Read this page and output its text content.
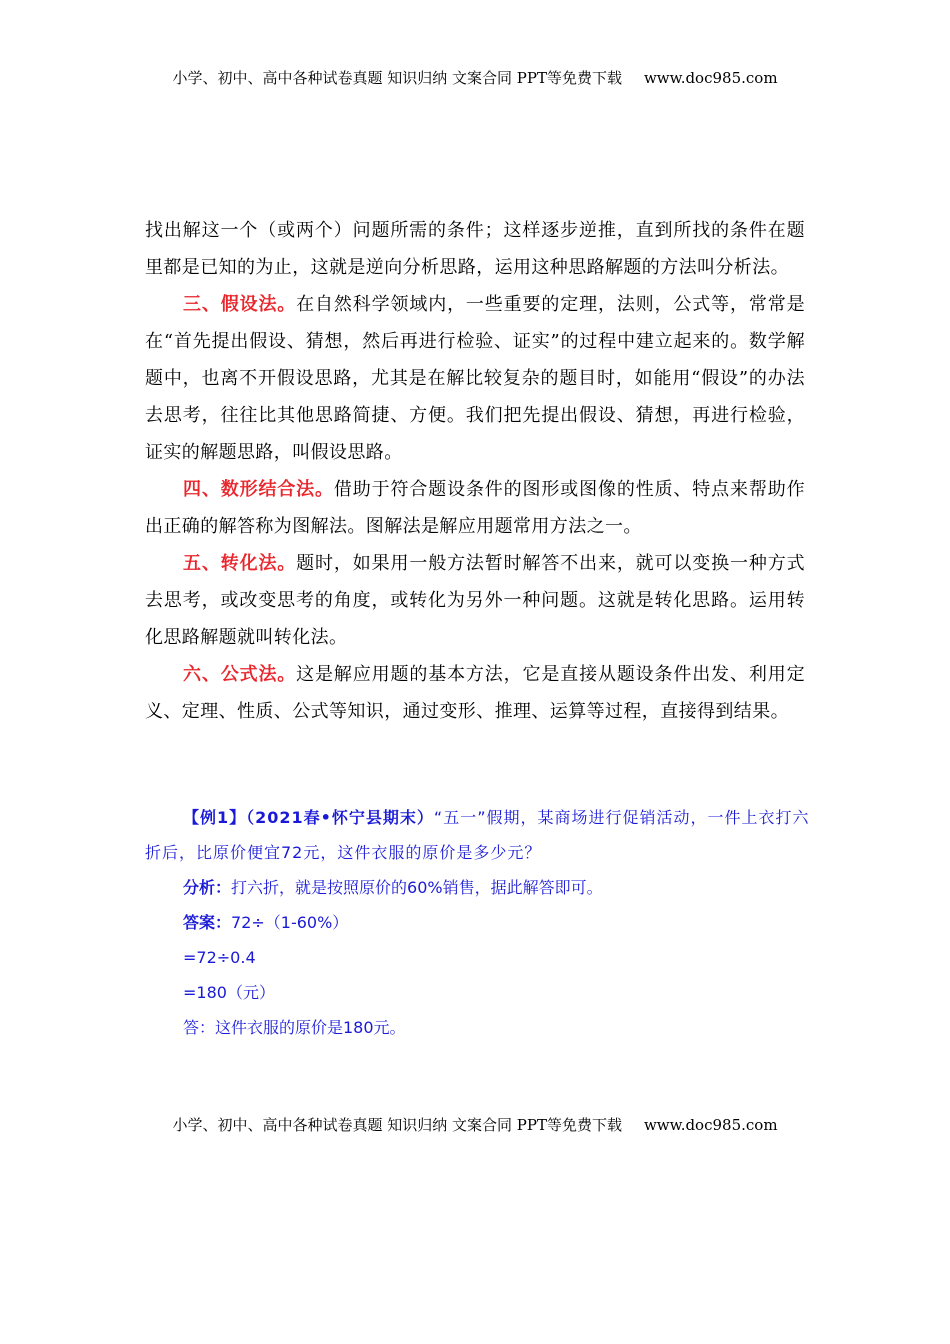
小学、初中、高中各种试卷真题 知识归纳 文案合同 PPT等免费下载 www.doc985.com

找出解这一个（或两个）问题所需的条件；这样逐步逆推，直到所找的条件在题里都是已知的为止，这就是逆向分析思路，运用这种思路解题的方法叫分析法。

三、假设法。在自然科学领域内，一些重要的定理，法则，公式等，常常是在“首先提出假设、猜想，然后再进行检验、证实”的过程中建立起来的。数学解题中，也离不开假设思路，尤其是在解比较复杂的题目时，如能用“假设”的办法去思考，往往比其他思路简捷、方便。我们把先提出假设、猜想，再进行检验，证实的解题思路，叫假设思路。

四、数形结合法。借助于符合题设条件的图形或图像的性质、特点来帮助作出正确的解答称为图解法。图解法是解应用题常用方法之一。

五、转化法。题时，如果用一般方法暂时解答不出来，就可以变换一种方式去思考，或改变思考的角度，或转化为另外一种问题。这就是转化思路。运用转化思路解题就叫转化法。

六、公式法。这是解应用题的基本方法，它是直接从题设条件出发、利用定义、定理、性质、公式等知识，通过变形、推理、运算等过程，直接得到结果。

【例1】（2021春•怀宁县期末）“五一”假期，某商场进行促销活动，一件上衣打六折后，比原价便宜72元，这件衣服的原价是多少元？

分析：打六折，就是按照原价的60%销售，据此解答即可。

答案：72÷（1-60%）

=72÷0.4

=180（元）

答：这件衣服的原价是180元。

小学、初中、高中各种试卷真题 知识归纳 文案合同 PPT等免费下载 www.doc985.com
